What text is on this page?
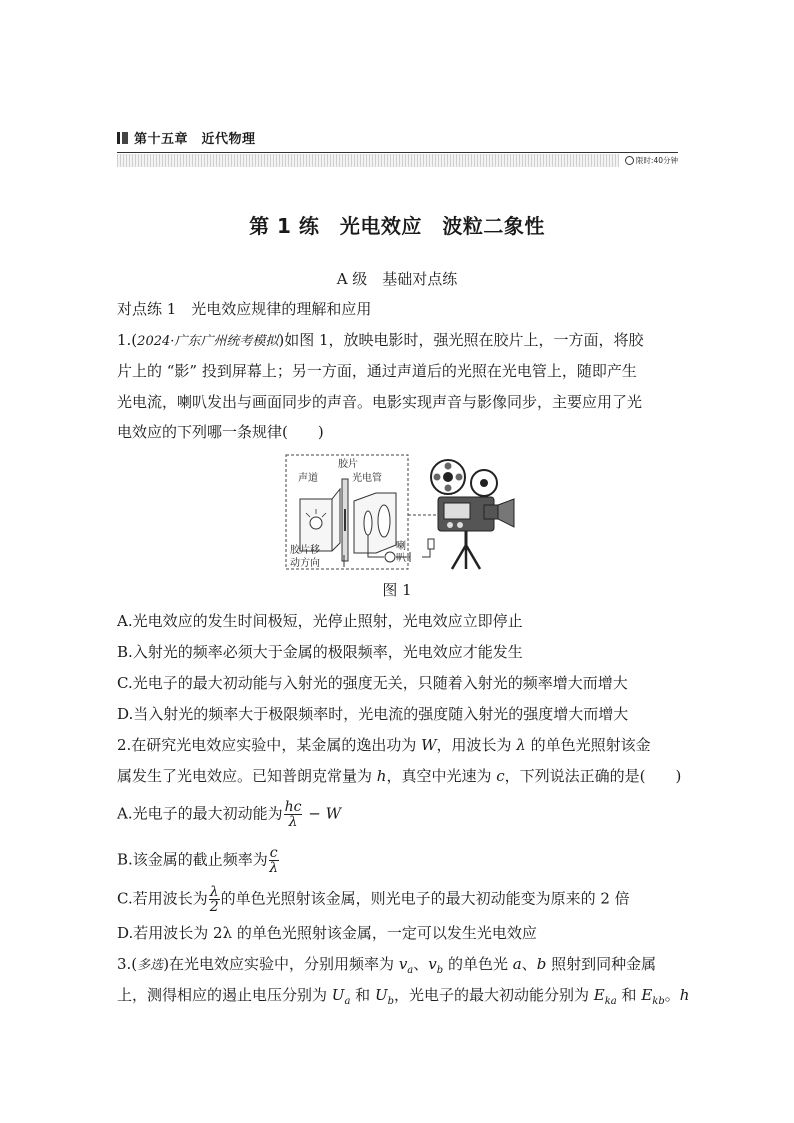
第十五章　近代物理
限时:40分钟
第 1 练　光电效应　波粒二象性
A 级　基础对点练
对点练 1　光电效应规律的理解和应用
1.(2024·广东广州统考模拟)如图 1，放映电影时，强光照在胶片上，一方面，将胶
片上的 “影” 投到屏幕上；另一方面，通过声道后的光照在光电管上，随即产生
光电流，喇叭发出与画面同步的声音。电影实现声音与影像同步，主要应用了光
电效应的下列哪一条规律(　　)
胶片
声道	光电管
胶片移
动方向
喇
叭
图 1
A.光电效应的发生时间极短，光停止照射，光电效应立即停止
B.入射光的频率必须大于金属的极限频率，光电效应才能发生
C.光电子的最大初动能与入射光的强度无关，只随着入射光的频率增大而增大
D.当入射光的频率大于极限频率时，光电流的强度随入射光的强度增大而增大
2.在研究光电效应实验中，某金属的逸出功为 W，用波长为 λ 的单色光照射该金
属发生了光电效应。已知普朗克常量为 h，真空中光速为 c，下列说法正确的是(　　)
A.光电子的最大初动能为 $\frac{hc}{\lambda} - W$
B.该金属的截止频率为 $\frac{c}{\lambda}$
C.若用波长为 $\frac{\lambda}{2}$ 的单色光照射该金属，则光电子的最大初动能变为原来的 2 倍
D.若用波长为 2λ 的单色光照射该金属，一定可以发生光电效应
3.(多选)在光电效应实验中，分别用频率为 $v_a$、$v_b$ 的单色光 a、b 照射到同种金属
上，测得相应的遏止电压分别为 $U_a$ 和 $U_b$，光电子的最大初动能分别为 $E_{ka}$ 和 $E_{kb}$。h
